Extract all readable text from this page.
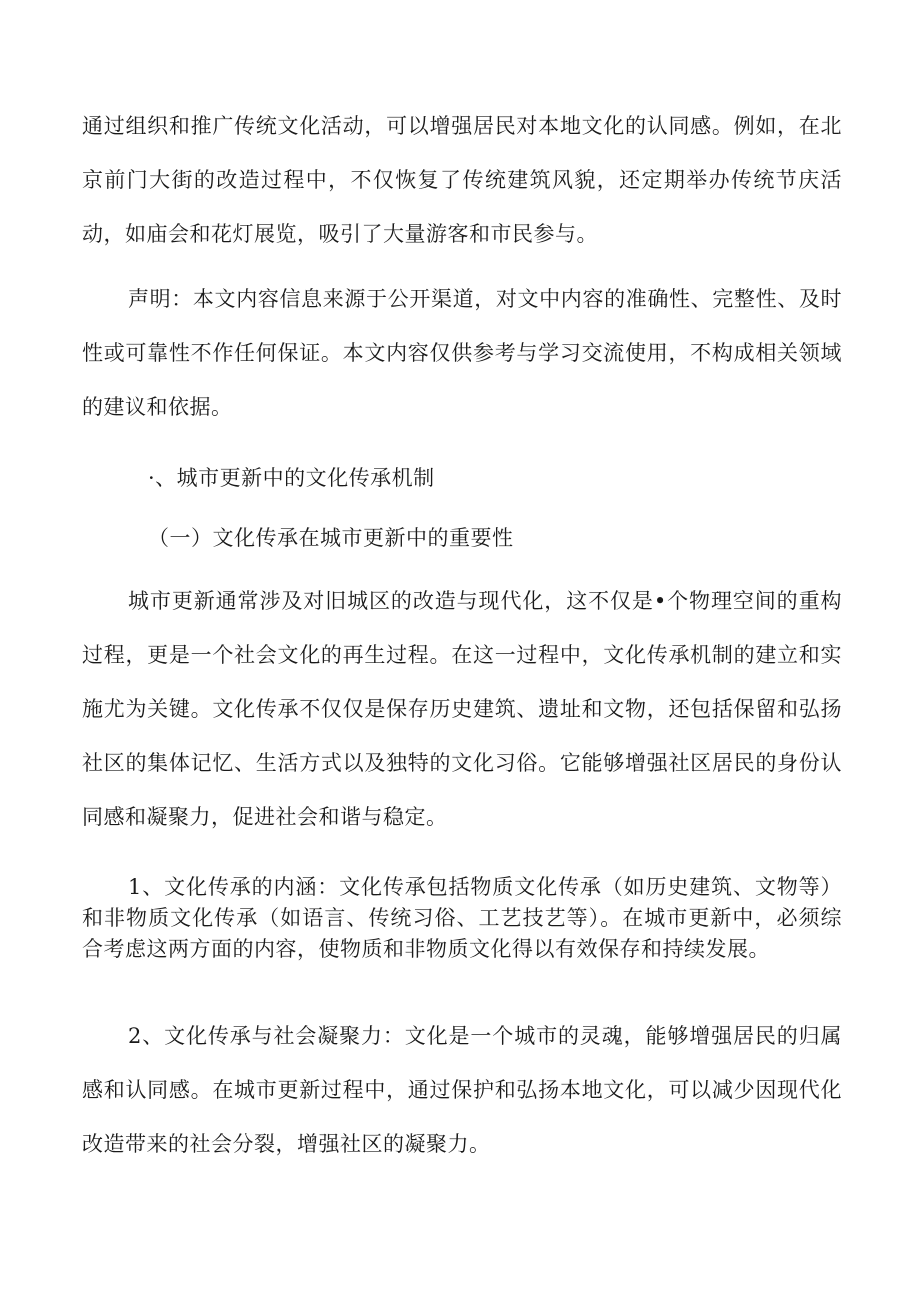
通过组织和推广传统文化活动，可以增强居民对本地文化的认同感。例如，在北京前门大街的改造过程中，不仅恢复了传统建筑风貌，还定期举办传统节庆活动，如庙会和花灯展览，吸引了大量游客和市民参与。

声明：本文内容信息来源于公开渠道，对文中内容的准确性、完整性、及时性或可靠性不作任何保证。本文内容仅供参考与学习交流使用，不构成相关领域的建议和依据。

·、城市更新中的文化传承机制
（一）文化传承在城市更新中的重要性

城市更新通常涉及对旧城区的改造与现代化，这不仅是•个物理空间的重构过程，更是一个社会文化的再生过程。在这一过程中，文化传承机制的建立和实施尤为关键。文化传承不仅仅是保存历史建筑、遗址和文物，还包括保留和弘扬社区的集体记忆、生活方式以及独特的文化习俗。它能够增强社区居民的身份认同感和凝聚力，促进社会和谐与稳定。

1、文化传承的内涵：文化传承包括物质文化传承（如历史建筑、文物等）和非物质文化传承（如语言、传统习俗、工艺技艺等）。在城市更新中，必须综合考虑这两方面的内容，使物质和非物质文化得以有效保存和持续发展。

2、文化传承与社会凝聚力：文化是一个城市的灵魂，能够增强居民的归属感和认同感。在城市更新过程中，通过保护和弘扬本地文化，可以减少因现代化改造带来的社会分裂，增强社区的凝聚力。
